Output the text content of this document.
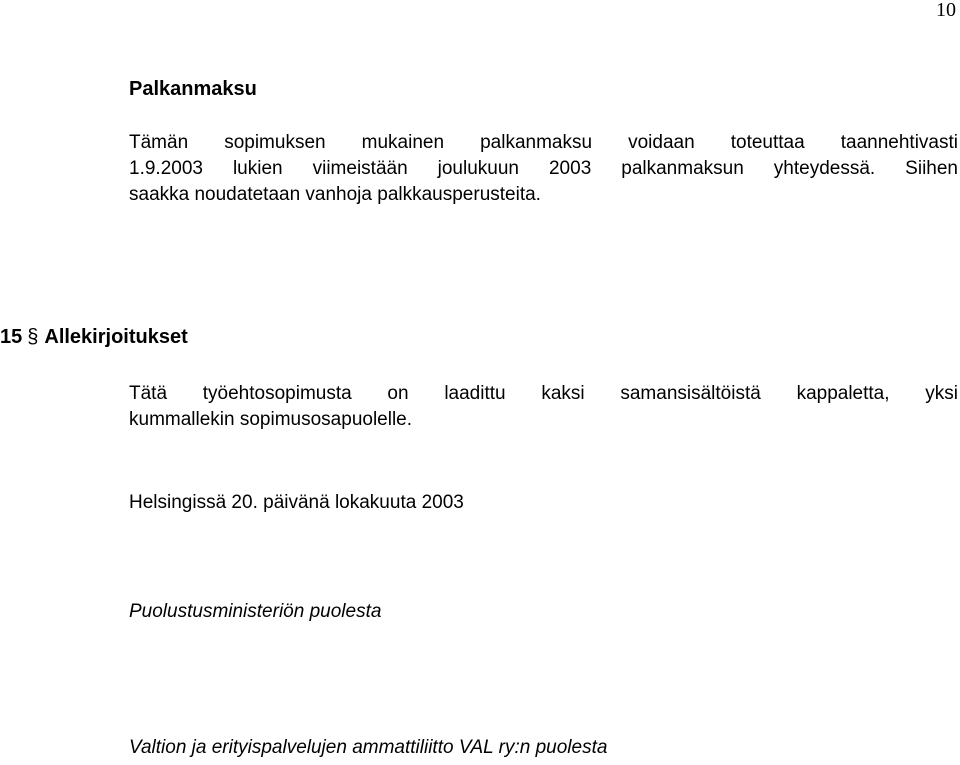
10
Palkanmaksu
Tämän sopimuksen mukainen palkanmaksu voidaan toteuttaa taannehtivasti
1.9.2003 lukien viimeistään joulukuun 2003 palkanmaksun yhteydessä. Siihen
saakka noudatetaan vanhoja palkkausperusteita.
15 § Allekirjoitukset
Tätä työehtosopimusta on laadittu kaksi samansisältöistä kappaletta, yksi
kummallekin sopimusosapuolelle.
Helsingissä 20. päivänä lokakuuta 2003
Puolustusministeriön puolesta
Valtion ja erityispalvelujen ammattiliitto VAL ry:n puolesta
